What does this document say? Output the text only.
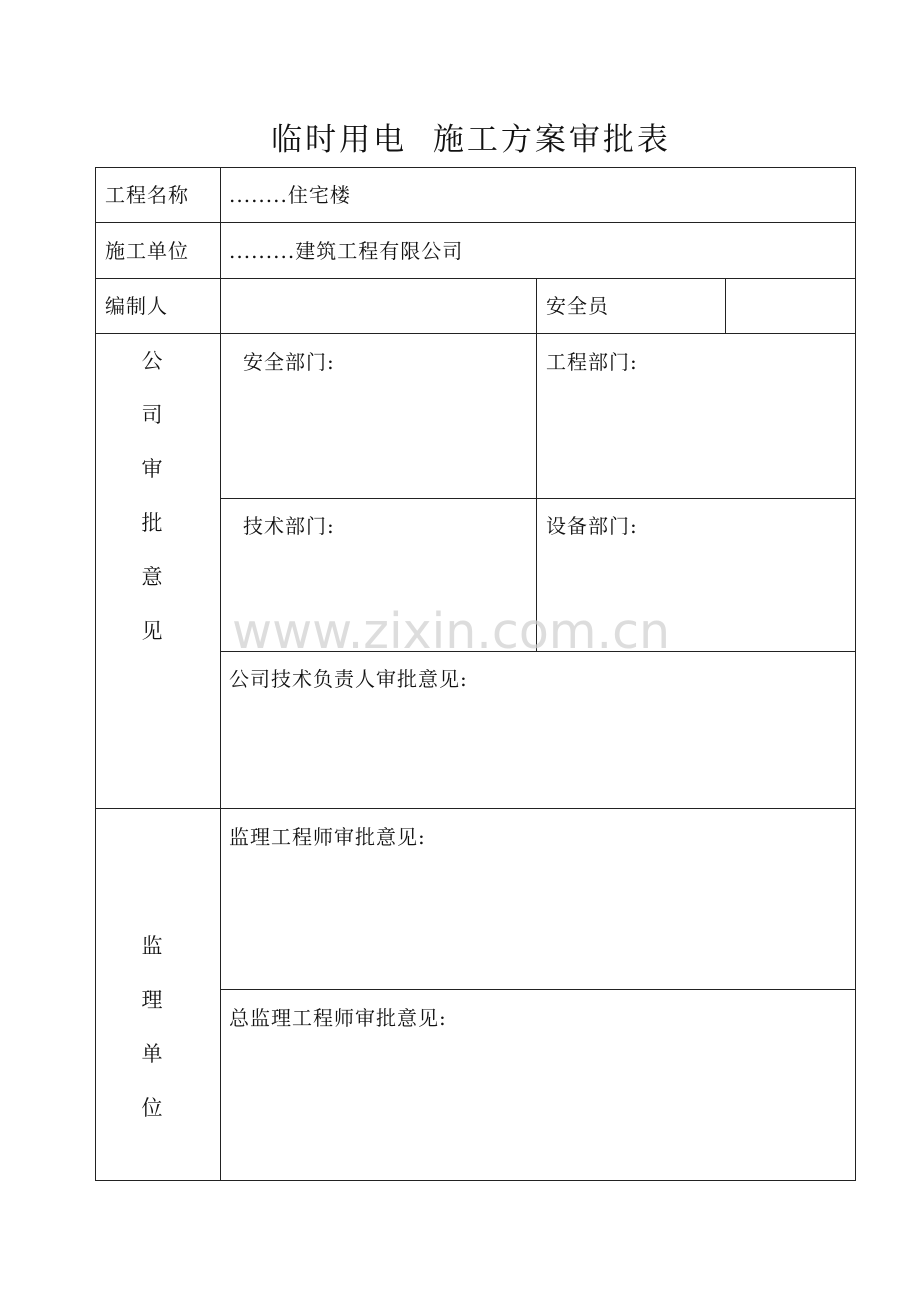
临时用电  施工方案审批表
工程名称 ........住宅楼
施工单位 .........建筑工程有限公司
编制人	安全员
公
司
审
批
意
见
安全部门:	工程部门:
技术部门:	设备部门:
公司技术负责人审批意见:
监
理
单
位
监理工程师审批意见:
总监理工程师审批意见:
www.zixin.com.cn
